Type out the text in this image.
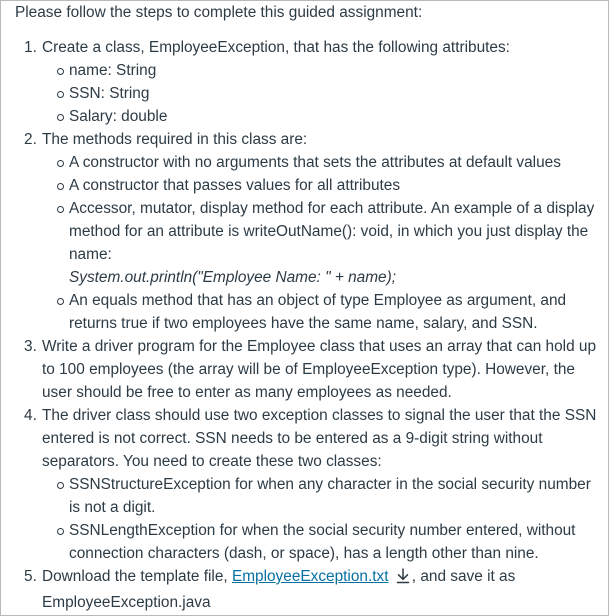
Please follow the steps to complete this guided assignment:

Create a class, EmployeeException, that has the following attributes:
name: String
SSN: String
Salary: double
The methods required in this class are:
A constructor with no arguments that sets the attributes at default values
A constructor that passes values for all attributes
Accessor, mutator, display method for each attribute. An example of a display method for an attribute is writeOutName(): void, in which you just display the name:
System.out.println("Employee Name: " + name);
An equals method that has an object of type Employee as argument, and returns true if two employees have the same name, salary, and SSN.
Write a driver program for the Employee class that uses an array that can hold up to 100 employees (the array will be of EmployeeException type). However, the user should be free to enter as many employees as needed.
The driver class should use two exception classes to signal the user that the SSN entered is not correct. SSN needs to be entered as a 9-digit string without separators. You need to create these two classes:
SSNStructureException for when any character in the social security number is not a digit.
SSNLengthException for when the social security number entered, without connection characters (dash, or space), has a length other than nine.
Download the template file, EmployeeException.txt , and save it as EmployeeException.java
